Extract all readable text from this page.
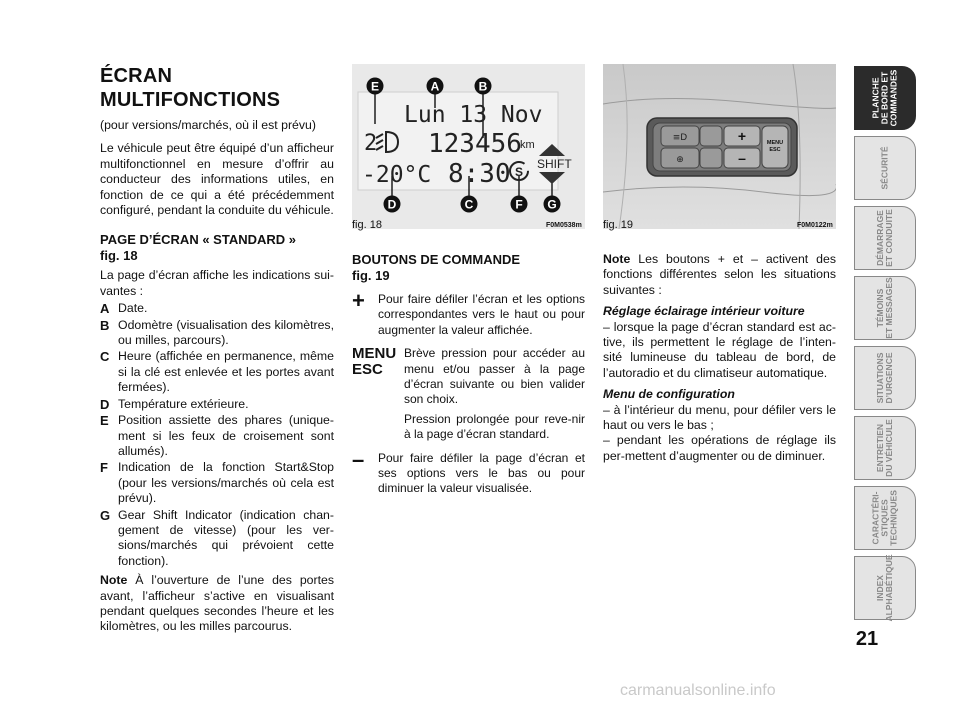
ÉCRAN
MULTIFONCTIONS

(pour versions/marchés, où il est prévu)

Le véhicule peut être équipé d’un afficheur multifonctionnel en mesure d’offrir au conducteur des informations utiles, en fonction de ce qui a été précédemment configuré, pendant la conduite du véhicule.

PAGE D’ÉCRAN « STANDARD »
fig. 18

La page d’écran affiche les indications sui-vantes :

A Date.
B Odomètre (visualisation des kilomètres, ou milles, parcours).
C Heure (affichée en permanence, même si la clé est enlevée et les portes avant fermées).
D Température extérieure.
E Position assiette des phares (unique-ment si les feux de croisement sont allumés).
F Indication de la fonction Start&Stop (pour les versions/marchés où cela est prévu).
G Gear Shift Indicator (indication chan-gement de vitesse) (pour les ver-sions/marchés qui prévoient cette fonction).

Note À l’ouverture de l’une des portes avant, l’afficheur s’active en visualisant pendant quelques secondes l’heure et les kilomètres, ou les milles parcourus.

Lun 13 Nov
2 123456
km
-20°C 8:30 S
SHIFT
E	A	B
D	C	F G
fig. 18	F0M0538m
BOUTONS DE COMMANDE
fig. 19
+	Pour faire défiler l’écran et les options correspondantes vers le haut ou pour augmenter la valeur affichée.
MENU
ESC

Brève pression pour accéder au menu et/ou passer à la page d’écran suivante ou bien valider son choix.

Pression prolongée pour reve-nir à la page d’écran standard.

–	Pour faire défiler la page d’écran et ses options vers le bas ou pour diminuer la valeur visualisée.
≡D
⊕
+
–
MENU
ESC
fig. 19	F0M0122m

Note Les boutons + et – activent des fonctions différentes selon les situations suivantes :

Réglage éclairage intérieur voiture

– lorsque la page d’écran standard est ac-tive, ils permettent le réglage de l’inten-sité lumineuse du tableau de bord, de l’autoradio et du climatiseur automatique.

Menu de configuration

– à l’intérieur du menu, pour défiler vers le haut ou vers le bas ;

– pendant les opérations de réglage ils per-mettent d’augmenter ou de diminuer.

PLANCHE
DE BORD ET
COMMANDES
SÉCURITÉ
DÉMARRAGE
ET CONDUITE
TÉMOINS
ET MESSAGES
SITUATIONS
D’URGENCE
ENTRETIEN
DU VÉHICULE
CARACTÉRI-
STIQUES
TECHNIQUES
INDEX
ALPHABÉTIQUE
21
carmanualsonline.info
